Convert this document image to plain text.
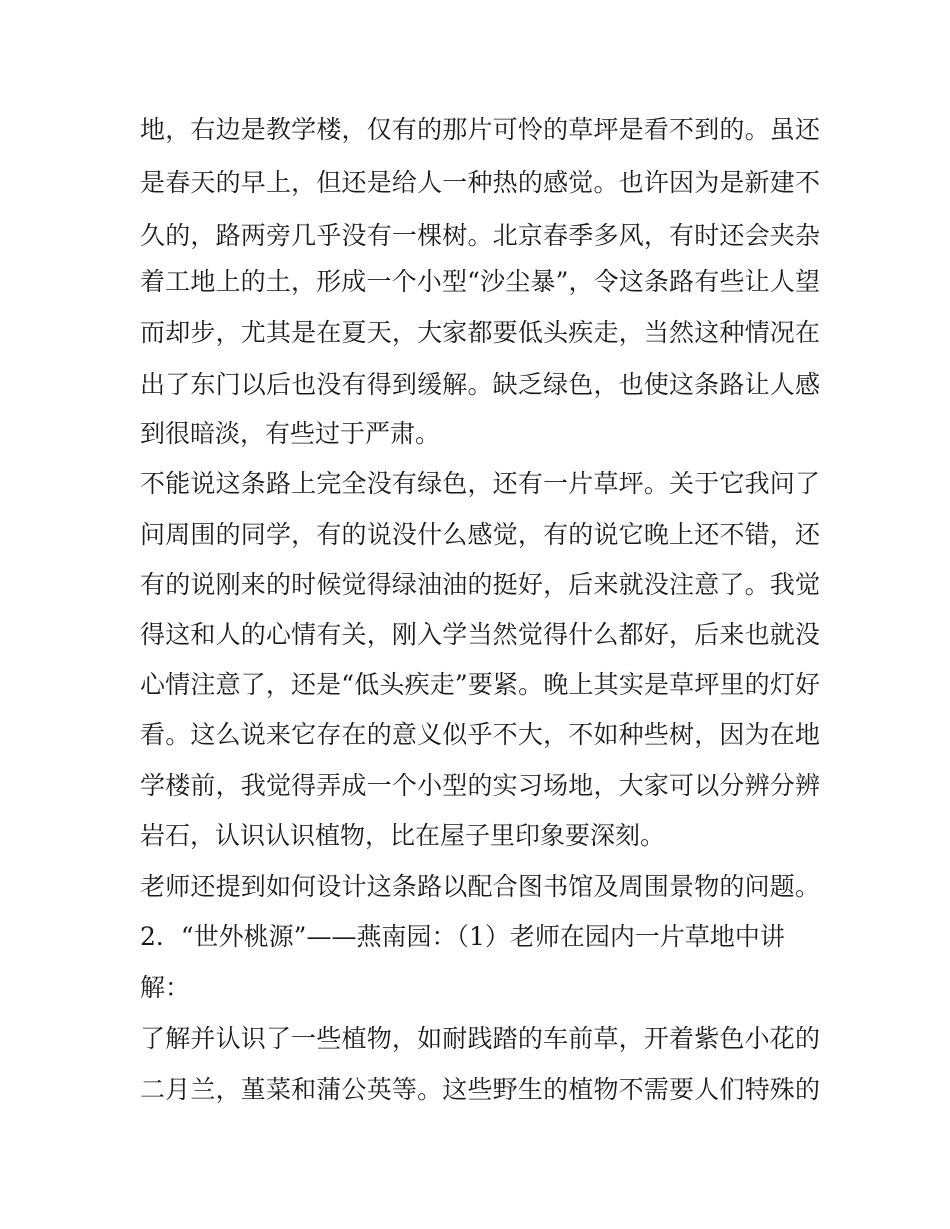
地，右边是教学楼，仅有的那片可怜的草坪是看不到的。虽还
是春天的早上，但还是给人一种热的感觉。也许因为是新建不
久的，路两旁几乎没有一棵树。北京春季多风，有时还会夹杂
着工地上的土，形成一个小型“沙尘暴”，令这条路有些让人望
而却步，尤其是在夏天，大家都要低头疾走，当然这种情况在
出了东门以后也没有得到缓解。缺乏绿色，也使这条路让人感
到很暗淡，有些过于严肃。
不能说这条路上完全没有绿色，还有一片草坪。关于它我问了
问周围的同学，有的说没什么感觉，有的说它晚上还不错，还
有的说刚来的时候觉得绿油油的挺好，后来就没注意了。我觉
得这和人的心情有关，刚入学当然觉得什么都好，后来也就没
心情注意了，还是“低头疾走”要紧。晚上其实是草坪里的灯好
看。这么说来它存在的意义似乎不大，不如种些树，因为在地
学楼前，我觉得弄成一个小型的实习场地，大家可以分辨分辨
岩石，认识认识植物，比在屋子里印象要深刻。
老师还提到如何设计这条路以配合图书馆及周围景物的问题。
2．“世外桃源”——燕南园：（1）老师在园内一片草地中讲
解：
了解并认识了一些植物，如耐践踏的车前草，开着紫色小花的
二月兰，堇菜和蒲公英等。这些野生的植物不需要人们特殊的
